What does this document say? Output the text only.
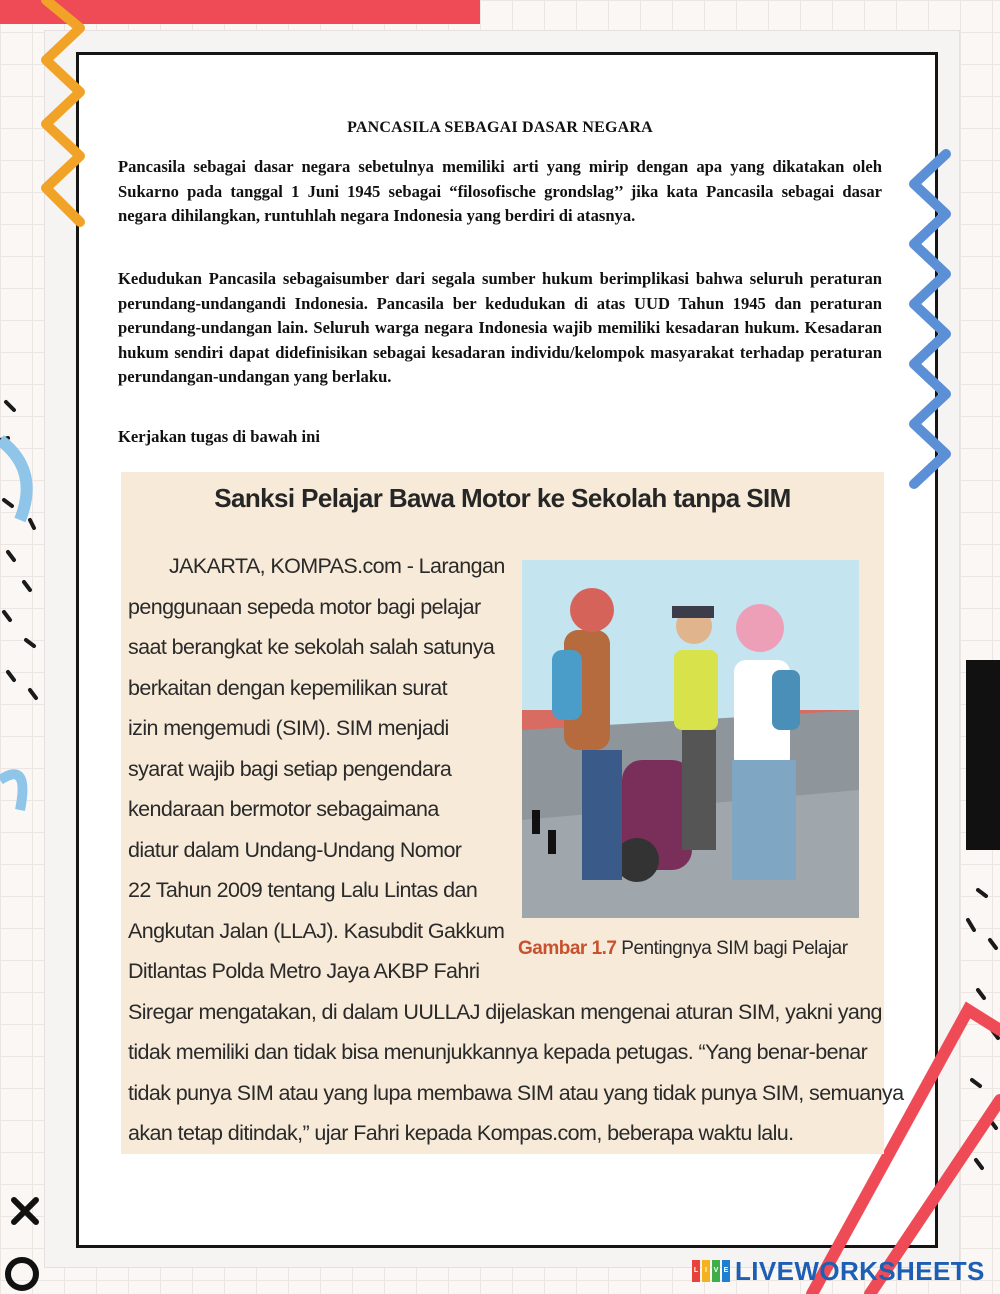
PANCASILA SEBAGAI DASAR NEGARA

Pancasila sebagai dasar negara sebetulnya memiliki arti yang mirip dengan apa yang dikatakan oleh Sukarno pada tanggal 1 Juni 1945 sebagai “filosofische grondslag’’ jika kata Pancasila sebagai dasar negara dihilangkan, runtuhlah negara Indonesia yang berdiri di atasnya.

Kedudukan Pancasila sebagaisumber dari segala sumber hukum berimplikasi bahwa seluruh peraturan perundang-undangandi Indonesia. Pancasila ber kedudukan di atas UUD Tahun 1945 dan peraturan perundang-undangan lain. Seluruh warga negara Indonesia wajib memiliki kesadaran hukum. Kesadaran hukum sendiri dapat didefinisikan sebagai kesadaran individu/kelompok masyarakat terhadap peraturan perundangan-undangan yang berlaku.

Kerjakan tugas di bawah ini

Sanksi Pelajar Bawa Motor ke Sekolah tanpa SIM
JAKARTA, KOMPAS.com - Larangan
penggunaan sepeda motor bagi pelajar
saat berangkat ke sekolah salah satunya
berkaitan dengan kepemilikan surat
izin mengemudi (SIM). SIM menjadi
syarat wajib bagi setiap pengendara
kendaraan bermotor sebagaimana
diatur dalam Undang-Undang Nomor
22 Tahun 2009 tentang Lalu Lintas dan
Angkutan Jalan (LLAJ). Kasubdit Gakkum
Ditlantas Polda Metro Jaya AKBP Fahri
Siregar mengatakan, di dalam UULLAJ dijelaskan mengenai aturan SIM, yakni yang
tidak memiliki dan tidak bisa menunjukkannya kepada petugas. “Yang benar-benar
tidak punya SIM atau yang lupa membawa SIM atau yang tidak punya SIM, semuanya
akan tetap ditindak,” ujar Fahri kepada Kompas.com, beberapa waktu lalu.
Gambar 1.7 Pentingnya SIM bagi Pelajar
L I V E LIVEWORKSHEETS
